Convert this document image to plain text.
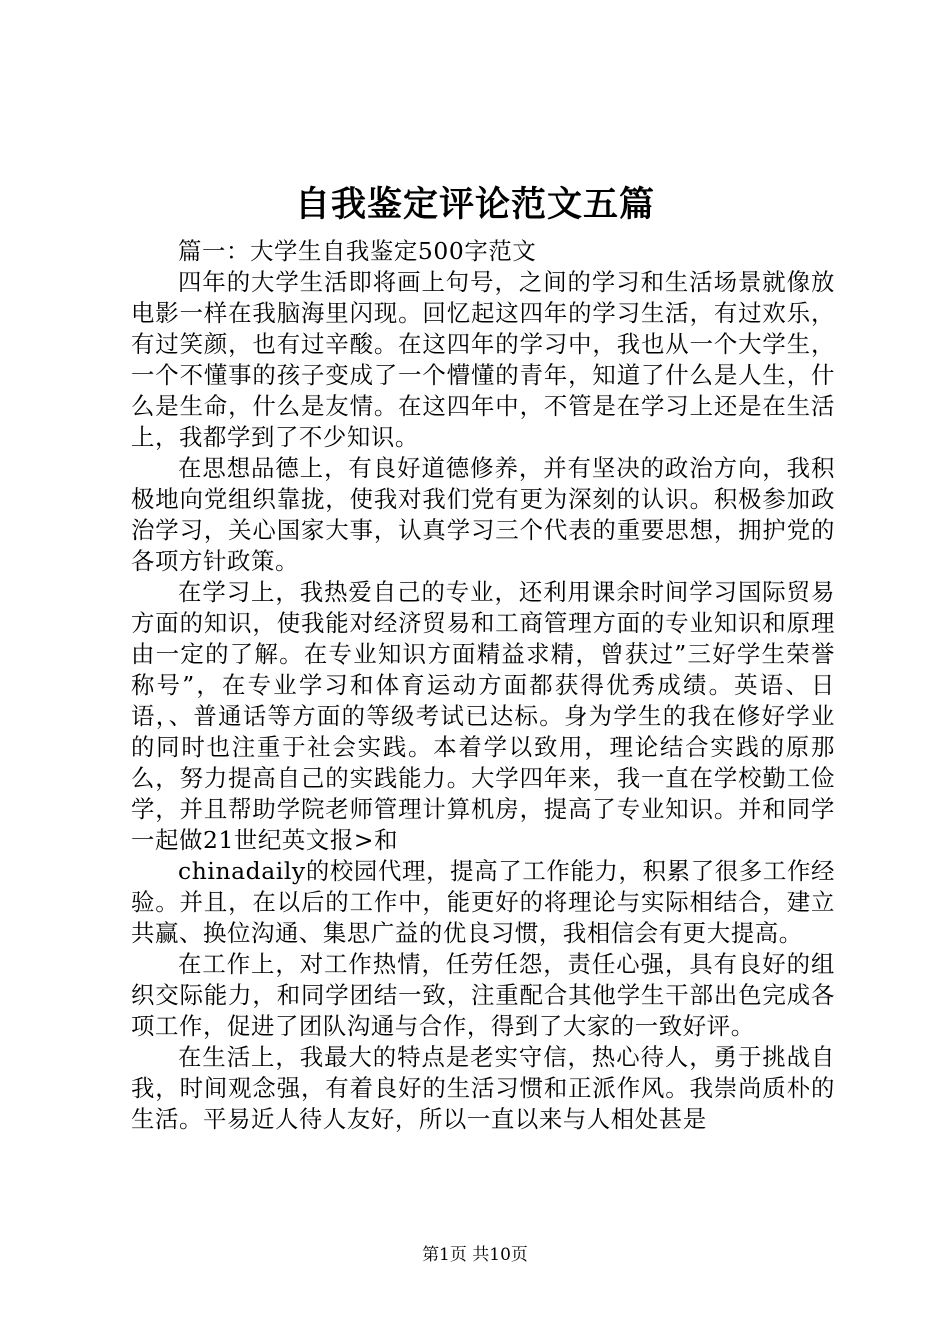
自我鉴定评论范文五篇

篇一：大学生自我鉴定500字范文

四年的大学生活即将画上句号，之间的学习和生活场景就像放电影一样在我脑海里闪现。回忆起这四年的学习生活，有过欢乐，有过笑颜，也有过辛酸。在这四年的学习中，我也从一个大学生，一个不懂事的孩子变成了一个懵懂的青年，知道了什么是人生，什么是生命，什么是友情。在这四年中，不管是在学习上还是在生活上，我都学到了不少知识。

在思想品德上，有良好道德修养，并有坚决的政治方向，我积极地向党组织靠拢，使我对我们党有更为深刻的认识。积极参加政治学习，关心国家大事，认真学习三个代表的重要思想，拥护党的各项方针政策。

在学习上，我热爱自己的专业，还利用课余时间学习国际贸易方面的知识，使我能对经济贸易和工商管理方面的专业知识和原理由一定的了解。在专业知识方面精益求精，曾获过”三好学生荣誉称号”，在专业学习和体育运动方面都获得优秀成绩。英语、日语，、普通话等方面的等级考试已达标。身为学生的我在修好学业的同时也注重于社会实践。本着学以致用，理论结合实践的原那么，努力提高自己的实践能力。大学四年来，我一直在学校勤工俭学，并且帮助学院老师管理计算机房，提高了专业知识。并和同学一起做21世纪英文报>和

chinadaily的校园代理，提高了工作能力，积累了很多工作经验。并且，在以后的工作中，能更好的将理论与实际相结合，建立共赢、换位沟通、集思广益的优良习惯，我相信会有更大提高。

在工作上，对工作热情，任劳任怨，责任心强，具有良好的组织交际能力，和同学团结一致，注重配合其他学生干部出色完成各项工作，促进了团队沟通与合作，得到了大家的一致好评。

在生活上，我最大的特点是老实守信，热心待人，勇于挑战自我，时间观念强，有着良好的生活习惯和正派作风。我崇尚质朴的生活。平易近人待人友好，所以一直以来与人相处甚是

第1页 共10页
